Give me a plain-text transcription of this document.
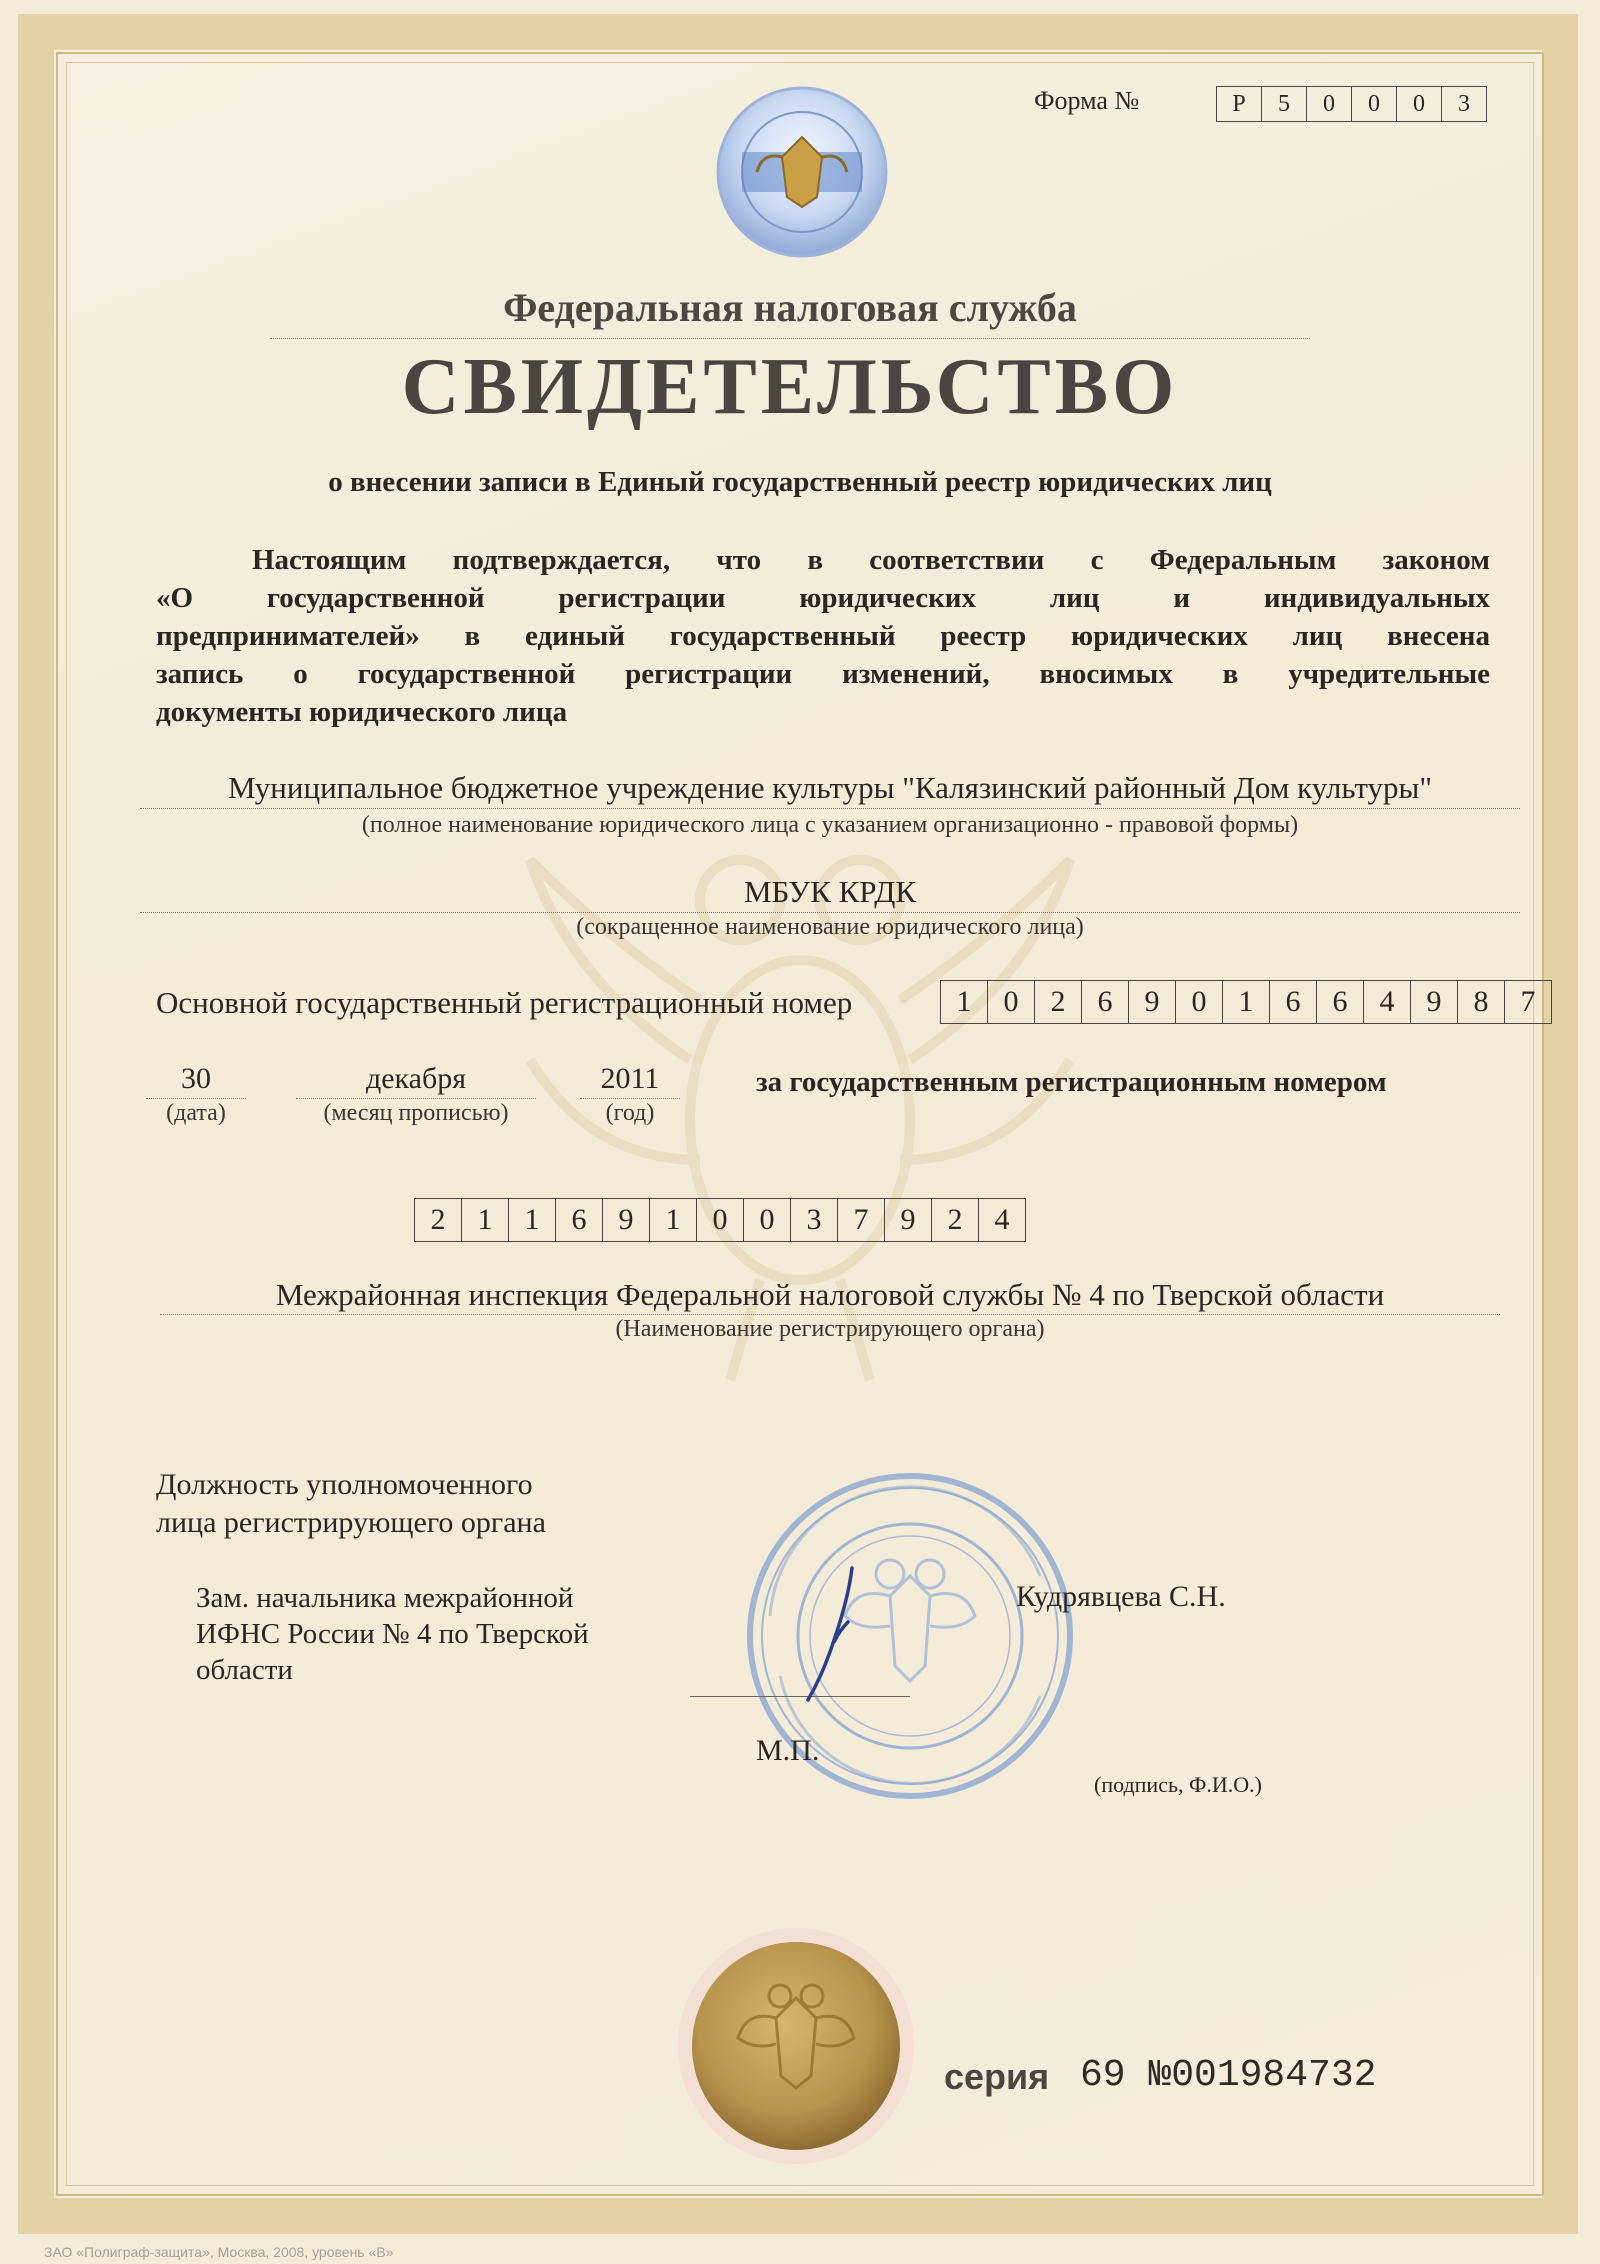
Форма №	Р	5	0	0	0	3
Федеральная налоговая служба
СВИДЕТЕЛЬСТВО
о внесении записи в Единый государственный реестр юридических лиц
Настоящим подтверждается, что в соответствии с Федеральным законом
«О государственной регистрации юридических лиц и индивидуальных
предпринимателей» в единый государственный реестр юридических лиц внесена
запись о государственной регистрации изменений, вносимых в учредительные
документы юридического лица
Муниципальное бюджетное учреждение культуры "Калязинский районный Дом культуры"
(полное наименование юридического лица с указанием организационно - правовой формы)
МБУК КРДК
(сокращенное наименование юридического лица)
Основной государственный регистрационный номер	1	0	2	6	9	0	1	6	6	4	9	8	7
30
(дата)
декабря
(месяц прописью)
2011
(год)
за государственным регистрационным номером
2	1	1	6	9	1	0	0	3	7	9	2	4
Межрайонная инспекция Федеральной налоговой службы № 4 по Тверской области
(Наименование регистрирующего органа)
Должность уполномоченного
лица регистрирующего органа
Зам. начальника межрайонной
ИФНС России № 4 по Тверской
области
Кудрявцева С.Н.
М.П.
(подпись, Ф.И.О.)
серия 69 №001984732
ЗАО «Полиграф-защита», Москва, 2008, уровень «В»
